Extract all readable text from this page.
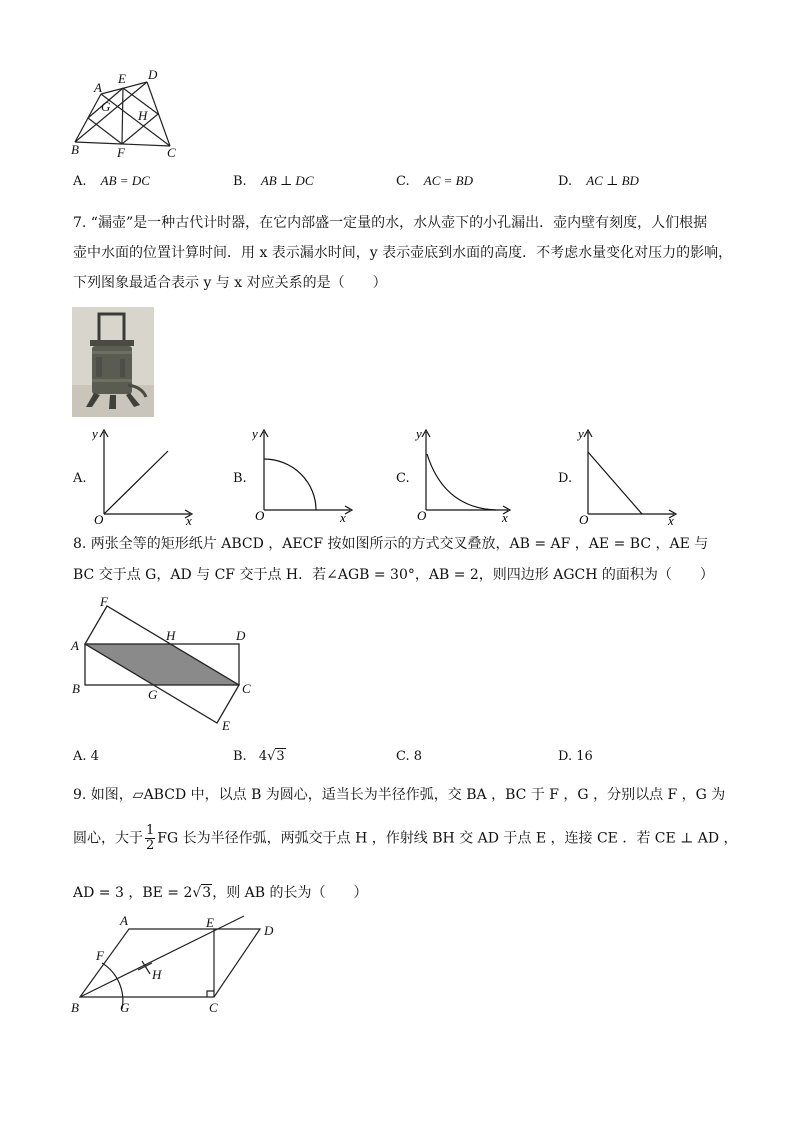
E D
A
G
H
B	F	C
A. AB = DC	B. AB ⊥ DC	C. AC = BD	D. AC ⊥ BD
7. “漏壶”是一种古代计时器，在它内部盛一定量的水，水从壶下的小孔漏出．壶内壁有刻度，人们根据
壶中水面的位置计算时间．用 x 表示漏水时间，y 表示壶底到水面的高度．不考虑水量变化对压力的影响，
下列图象最适合表示 y 与 x 对应关系的是（　　）
A.
y
x
O
B.
y
x
O
C.
y
x
O
D.
y
x
O
8. 两张全等的矩形纸片 ABCD ，AECF 按如图所示的方式交叉叠放，AB = AF ，AE = BC ，AE 与
BC 交于点 G，AD 与 CF 交于点 H．若∠AGB = 30°，AB = 2，则四边形 AGCH 的面积为（　　）
F
H	D
A
B	G	C
E
A. 4	B. 4√3	C. 8	D. 16
9. 如图，▱ABCD 中，以点 B 为圆心，适当长为半径作弧，交 BA ，BC 于 F ，G ，分别以点 F ，G 为
圆心，大于 $\frac{1}{2}$ FG 长为半径作弧，两弧交于点 H ，作射线 BH 交 AD 于点 E ，连接 CE ．若 CE ⊥ AD ，
AD = 3 ，BE = 2√3，则 AB 的长为（　　）
A	E
D
F
H
B	G	C
